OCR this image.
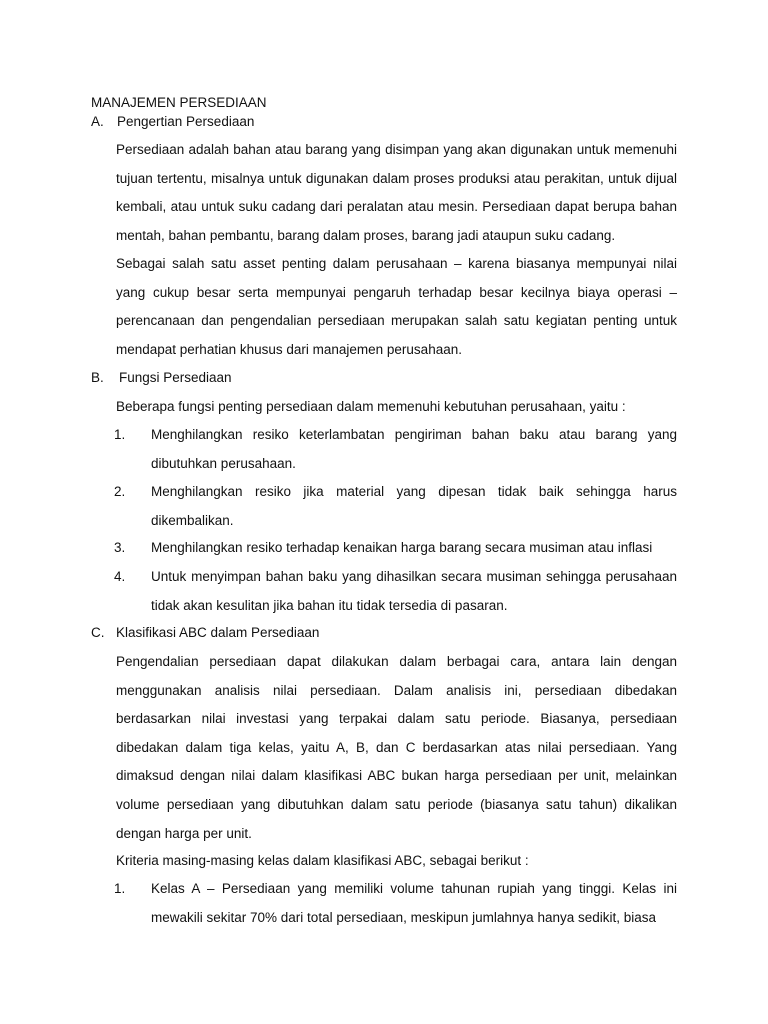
MANAJEMEN PERSEDIAAN
A. Pengertian Persediaan

Persediaan adalah bahan atau barang yang disimpan yang akan digunakan untuk memenuhi tujuan tertentu, misalnya untuk digunakan dalam proses produksi atau perakitan, untuk dijual kembali, atau untuk suku cadang dari peralatan atau mesin. Persediaan dapat berupa bahan mentah, bahan pembantu, barang dalam proses, barang jadi ataupun suku cadang.

Sebagai salah satu asset penting dalam perusahaan – karena biasanya mempunyai nilai yang cukup besar serta mempunyai pengaruh terhadap besar kecilnya biaya operasi – perencanaan dan pengendalian persediaan merupakan salah satu kegiatan penting untuk mendapat perhatian khusus dari manajemen perusahaan.

B. Fungsi Persediaan

Beberapa fungsi penting persediaan dalam memenuhi kebutuhan perusahaan, yaitu :

1. Menghilangkan resiko keterlambatan pengiriman bahan baku atau barang yang dibutuhkan perusahaan.
2. Menghilangkan resiko jika material yang dipesan tidak baik sehingga harus dikembalikan.
3. Menghilangkan resiko terhadap kenaikan harga barang secara musiman atau inflasi
4. Untuk menyimpan bahan baku yang dihasilkan secara musiman sehingga perusahaan tidak akan kesulitan jika bahan itu tidak tersedia di pasaran.
C. Klasifikasi ABC dalam Persediaan

Pengendalian persediaan dapat dilakukan dalam berbagai cara, antara lain dengan menggunakan analisis nilai persediaan. Dalam analisis ini, persediaan dibedakan berdasarkan nilai investasi yang terpakai dalam satu periode. Biasanya, persediaan dibedakan dalam tiga kelas, yaitu A, B, dan C berdasarkan atas nilai persediaan. Yang dimaksud dengan nilai dalam klasifikasi ABC bukan harga persediaan per unit, melainkan volume persediaan yang dibutuhkan dalam satu periode (biasanya satu tahun) dikalikan dengan harga per unit.

Kriteria masing-masing kelas dalam klasifikasi ABC, sebagai berikut :

1. Kelas A – Persediaan yang memiliki volume tahunan rupiah yang tinggi. Kelas ini mewakili sekitar 70% dari total persediaan, meskipun jumlahnya hanya sedikit, biasa
